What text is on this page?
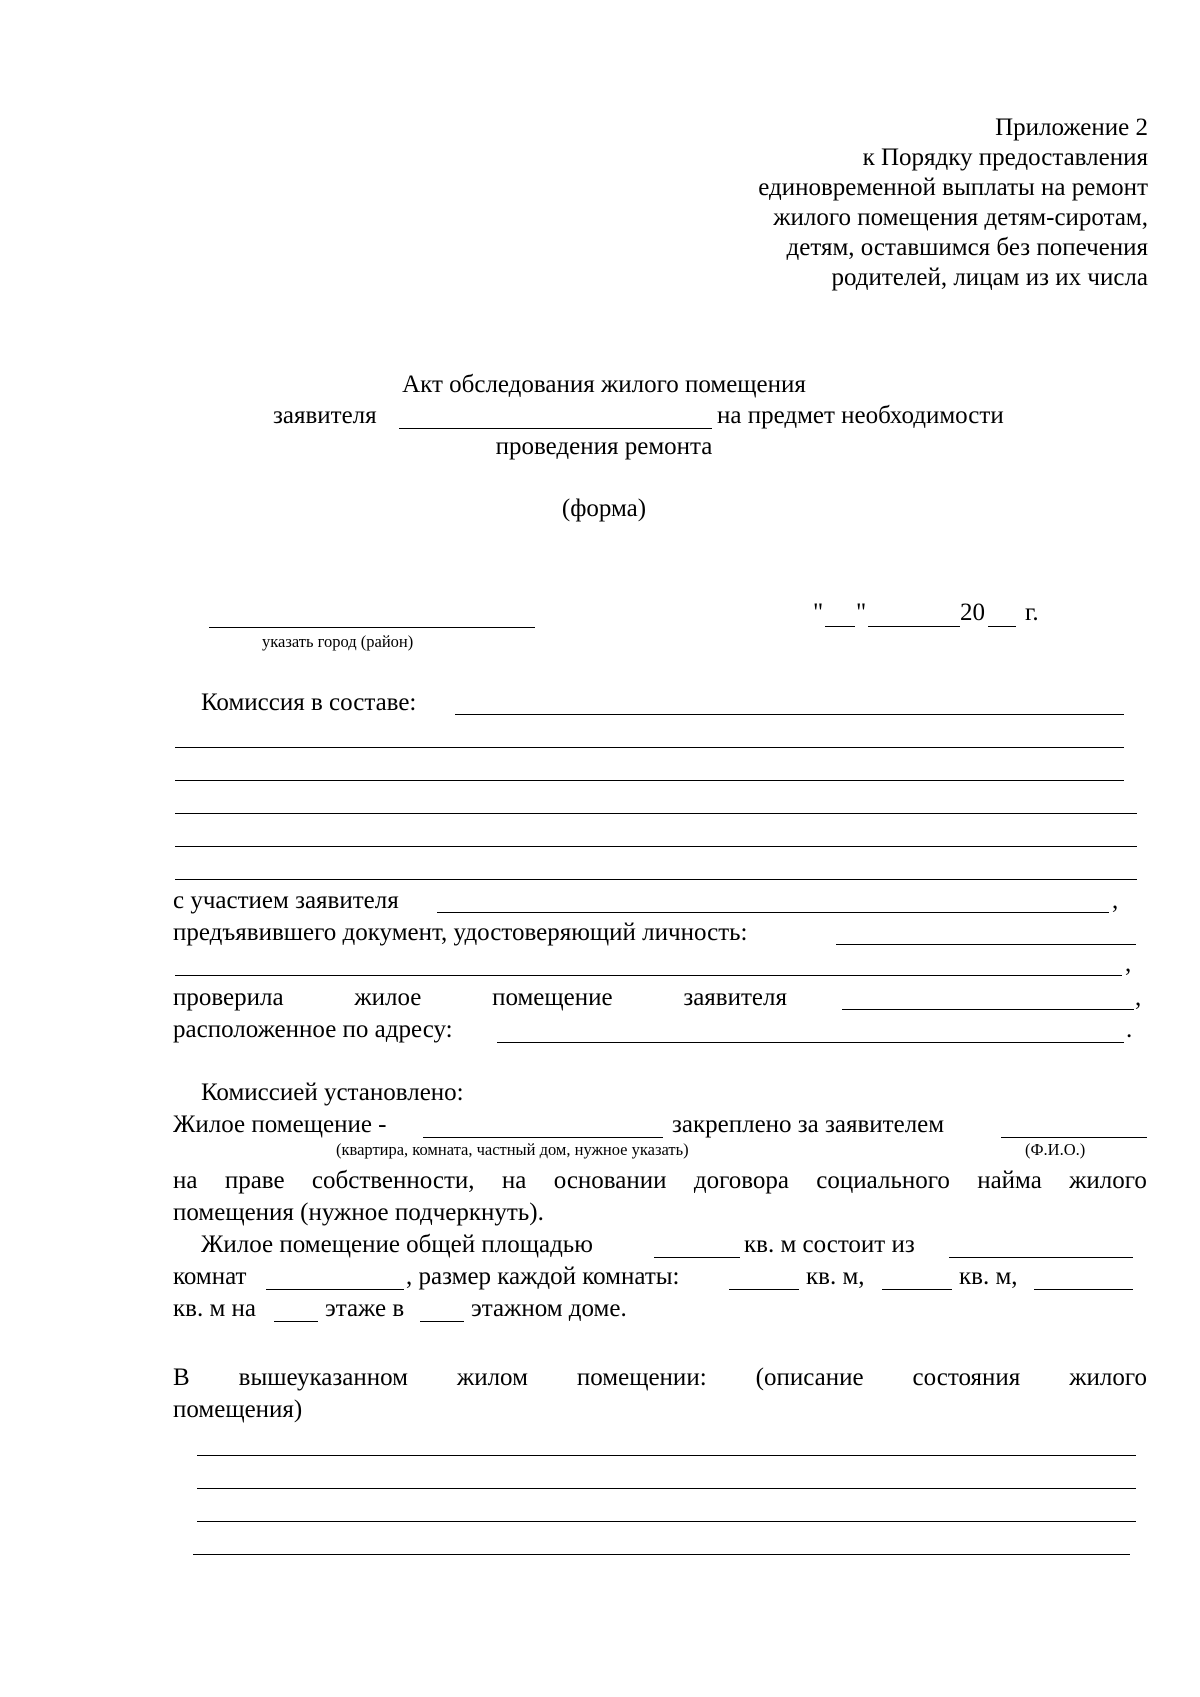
Приложение 2
к Порядку предоставления
единовременной выплаты на ремонт
жилого помещения детям-сиротам,
детям, оставшимся без попечения
родителей, лицам из их числа
Акт обследования жилого помещения
заявителя	на предмет необходимости
проведения ремонта
(форма)
указать город (район)
" "	20 г.
Комиссия в составе:
с участием заявителя	,
предъявившего документ, удостоверяющий личность:
,
проверила	жилое	помещение	заявителя	,
расположенное по адресу:	.
Комиссией установлено:
Жилое помещение -	закреплено за заявителем
(квартира, комната, частный дом, нужное указать)	(Ф.И.О.)
на праве собственности, на основании договора социального найма жилого
помещения (нужное подчеркнуть).
Жилое помещение общей площадью	кв. м состоит из
комнат	, размер каждой комнаты:	кв. м,	кв. м,
кв. м на	этаже в	этажном доме.
В вышеуказанном жилом помещении: (описание состояния жилого
помещения)
